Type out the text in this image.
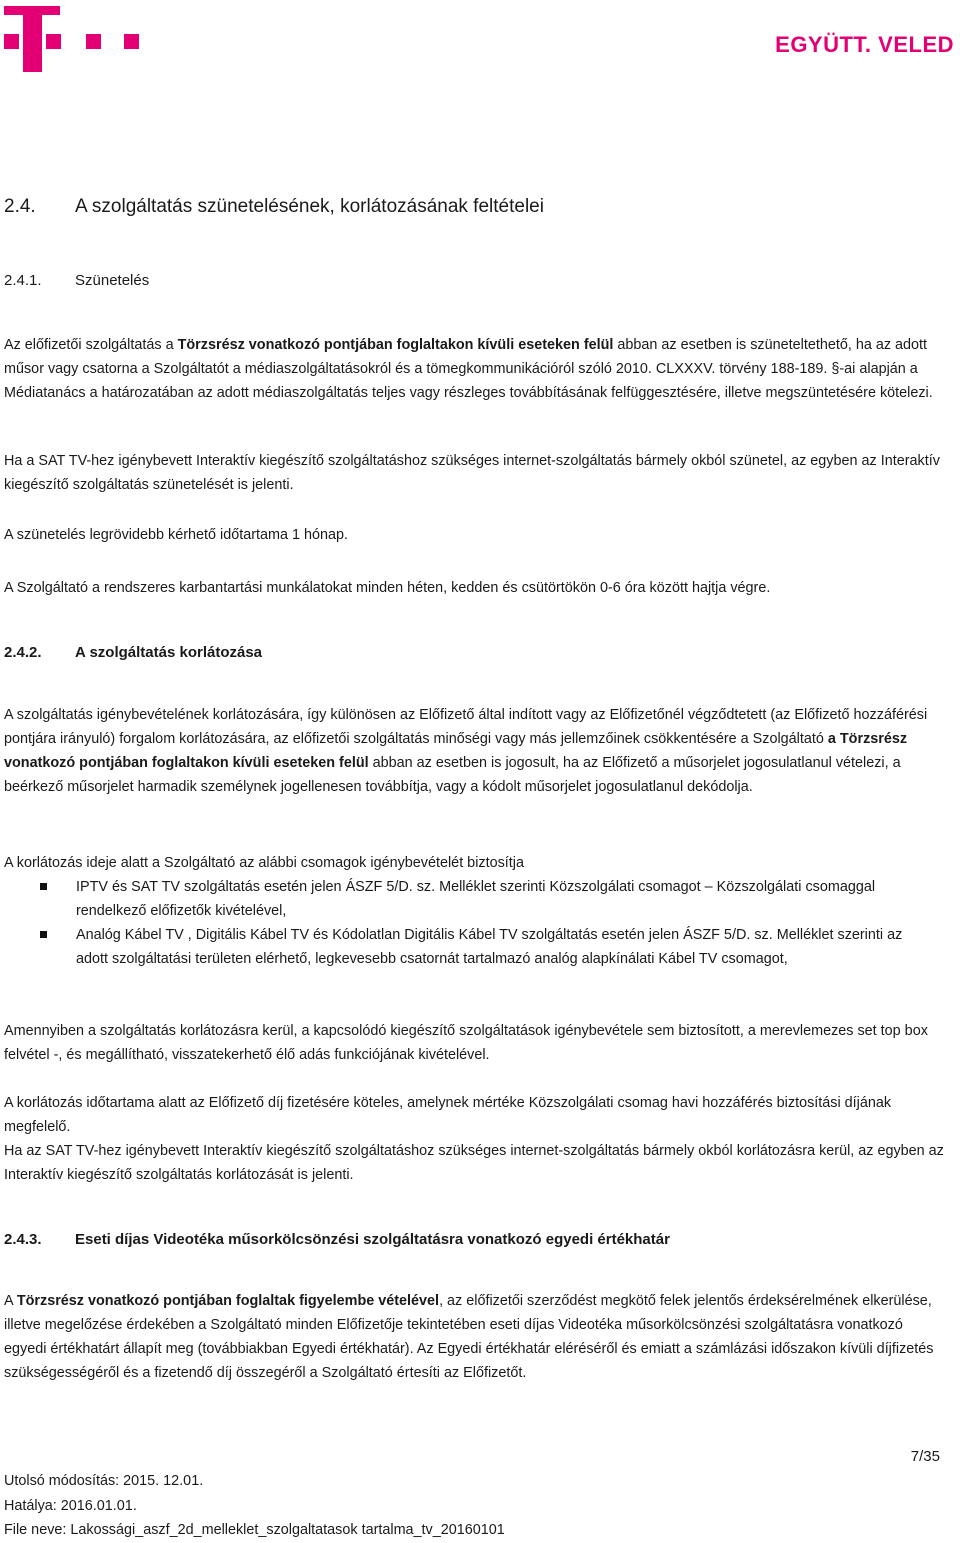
EGYÜTT. VELED
2.4. A szolgáltatás szünetelésének, korlátozásának feltételei
2.4.1. Szünetelés

Az előfizetői szolgáltatás a Törzsrész vonatkozó pontjában foglaltakon kívüli eseteken felül abban az esetben is szüneteltethető, ha az adott műsor vagy csatorna a Szolgáltatót a médiaszolgáltatásokról és a tömegkommunikációról szóló 2010. CLXXXV. törvény 188-189. §-ai alapján a Médiatanács a határozatában az adott médiaszolgáltatás teljes vagy részleges továbbításának felfüggesztésére, illetve megszüntetésére kötelezi.

Ha a SAT TV-hez igénybevett Interaktív kiegészítő szolgáltatáshoz szükséges internet-szolgáltatás bármely okból szünetel, az egyben az Interaktív kiegészítő szolgáltatás szünetelését is jelenti.

A szünetelés legrövidebb kérhető időtartama 1 hónap.

A Szolgáltató a rendszeres karbantartási munkálatokat minden héten, kedden és csütörtökön 0-6 óra között hajtja végre.

2.4.2. A szolgáltatás korlátozása

A szolgáltatás igénybevételének korlátozására, így különösen az Előfizető által indított vagy az Előfizetőnél végződtetett (az Előfizető hozzáférési pontjára irányuló) forgalom korlátozására, az előfizetői szolgáltatás minőségi vagy más jellemzőinek csökkentésére a Szolgáltató a Törzsrész vonatkozó pontjában foglaltakon kívüli eseteken felül abban az esetben is jogosult, ha az Előfizető a műsorjelet jogosulatlanul vételezi, a beérkező műsorjelet harmadik személynek jogellenesen továbbítja, vagy a kódolt műsorjelet jogosulatlanul dekódolja.

A korlátozás ideje alatt a Szolgáltató az alábbi csomagok igénybevételét biztosítja

IPTV és SAT TV szolgáltatás esetén jelen ÁSZF 5/D. sz. Melléklet szerinti Közszolgálati csomagot – Közszolgálati csomaggal rendelkező előfizetők kivételével,
Analóg Kábel TV , Digitális Kábel TV és Kódolatlan Digitális Kábel TV szolgáltatás esetén jelen ÁSZF 5/D. sz. Melléklet szerinti az adott szolgáltatási területen elérhető, legkevesebb csatornát tartalmazó analóg alapkínálati Kábel TV csomagot,

Amennyiben a szolgáltatás korlátozásra kerül, a kapcsolódó kiegészítő szolgáltatások igénybevétele sem biztosított, a merevlemezes set top box felvétel -, és megállítható, visszatekerhető élő adás funkciójának kivételével.

A korlátozás időtartama alatt az Előfizető díj fizetésére köteles, amelynek mértéke Közszolgálati csomag havi hozzáférés biztosítási díjának megfelelő.

Ha az SAT TV-hez igénybevett Interaktív kiegészítő szolgáltatáshoz szükséges internet-szolgáltatás bármely okból korlátozásra kerül, az egyben az Interaktív kiegészítő szolgáltatás korlátozását is jelenti.

2.4.3. Eseti díjas Videotéka műsorkölcsönzési szolgáltatásra vonatkozó egyedi értékhatár

A Törzsrész vonatkozó pontjában foglaltak figyelembe vételével, az előfizetői szerződést megkötő felek jelentős érdeksérelmének elkerülése, illetve megelőzése érdekében a Szolgáltató minden Előfizetője tekintetében eseti díjas Videotéka műsorkölcsönzési szolgáltatásra vonatkozó egyedi értékhatárt állapít meg (továbbiakban Egyedi értékhatár). Az Egyedi értékhatár eléréséről és emiatt a számlázási időszakon kívüli díjfizetés szükségességéről és a fizetendő díj összegéről a Szolgáltató értesíti az Előfizetőt.

7/35
Utolsó módosítás: 2015. 12.01.
Hatálya: 2016.01.01.
File neve: Lakossági_aszf_2d_melleklet_szolgaltatasok tartalma_tv_20160101
